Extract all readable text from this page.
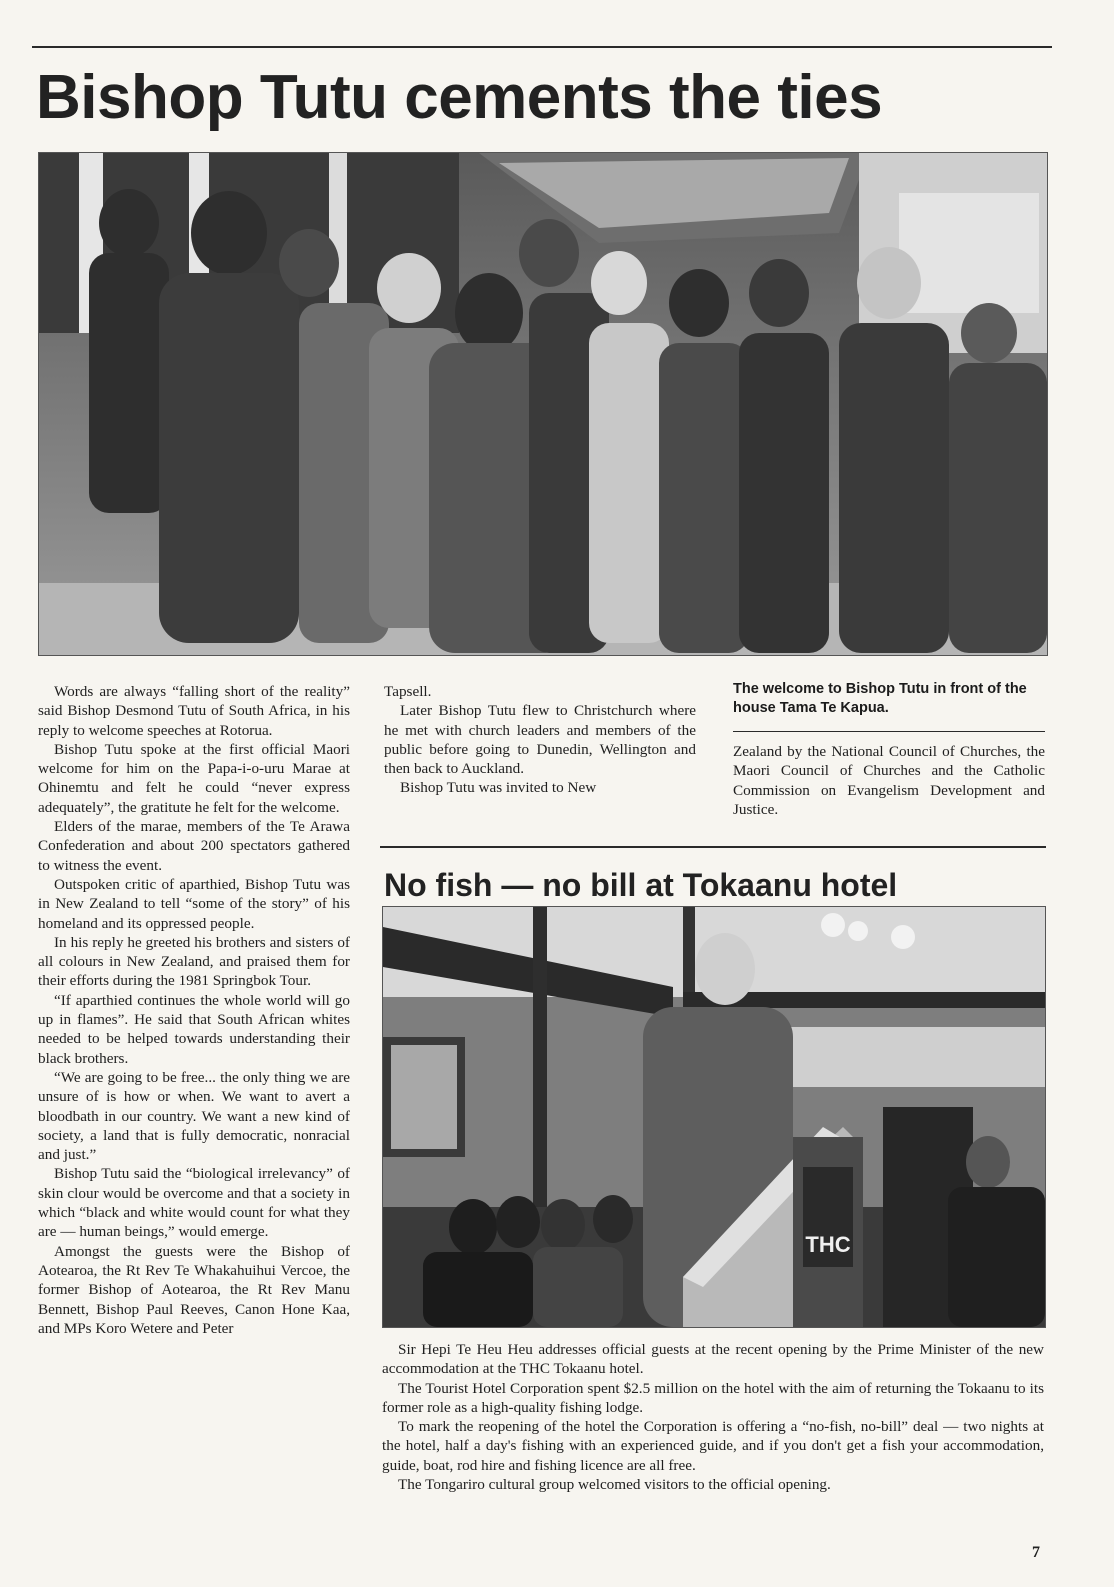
Bishop Tutu cements the ties

Words are always “falling short of the reality” said Bishop Desmond Tutu of South Africa, in his reply to welcome speeches at Rotorua.

Bishop Tutu spoke at the first official Maori welcome for him on the Papa-i-o-uru Marae at Ohinemtu and felt he could “never express adequately”, the gratitute he felt for the welcome.

Elders of the marae, members of the Te Arawa Confederation and about 200 spectators gathered to witness the event.

Outspoken critic of aparthied, Bishop Tutu was in New Zealand to tell “some of the story” of his homeland and its oppressed people.

In his reply he greeted his brothers and sisters of all colours in New Zealand, and praised them for their efforts during the 1981 Springbok Tour.

“If aparthied continues the whole world will go up in flames”. He said that South African whites needed to be helped towards understanding their black brothers.

“We are going to be free... the only thing we are unsure of is how or when. We want to avert a bloodbath in our country. We want a new kind of society, a land that is fully democratic, nonracial and just.”

Bishop Tutu said the “biological irrelevancy” of skin clour would be overcome and that a society in which “black and white would count for what they are — human beings,” would emerge.

Amongst the guests were the Bishop of Aotearoa, the Rt Rev Te Whakahuihui Vercoe, the former Bishop of Aotearoa, the Rt Rev Manu Bennett, Bishop Paul Reeves, Canon Hone Kaa, and MPs Koro Wetere and Peter

Tapsell.

Later Bishop Tutu flew to Christchurch where he met with church leaders and members of the public before going to Dunedin, Wellington and then back to Auckland.

Bishop Tutu was invited to New

The welcome to Bishop Tutu in front of the house Tama Te Kapua.

Zealand by the National Council of Churches, the Maori Council of Churches and the Catholic Commission on Evangelism Development and Justice.

No fish — no bill at Tokaanu hotel
THC

Sir Hepi Te Heu Heu addresses official guests at the recent opening by the Prime Minister of the new accommodation at the THC Tokaanu hotel.

The Tourist Hotel Corporation spent $2.5 million on the hotel with the aim of returning the Tokaanu to its former role as a high-quality fishing lodge.

To mark the reopening of the hotel the Corporation is offering a “no-fish, no-bill” deal — two nights at the hotel, half a day's fishing with an experienced guide, and if you don't get a fish your accommodation, guide, boat, rod hire and fishing licence are all free.

The Tongariro cultural group welcomed visitors to the official opening.

7
